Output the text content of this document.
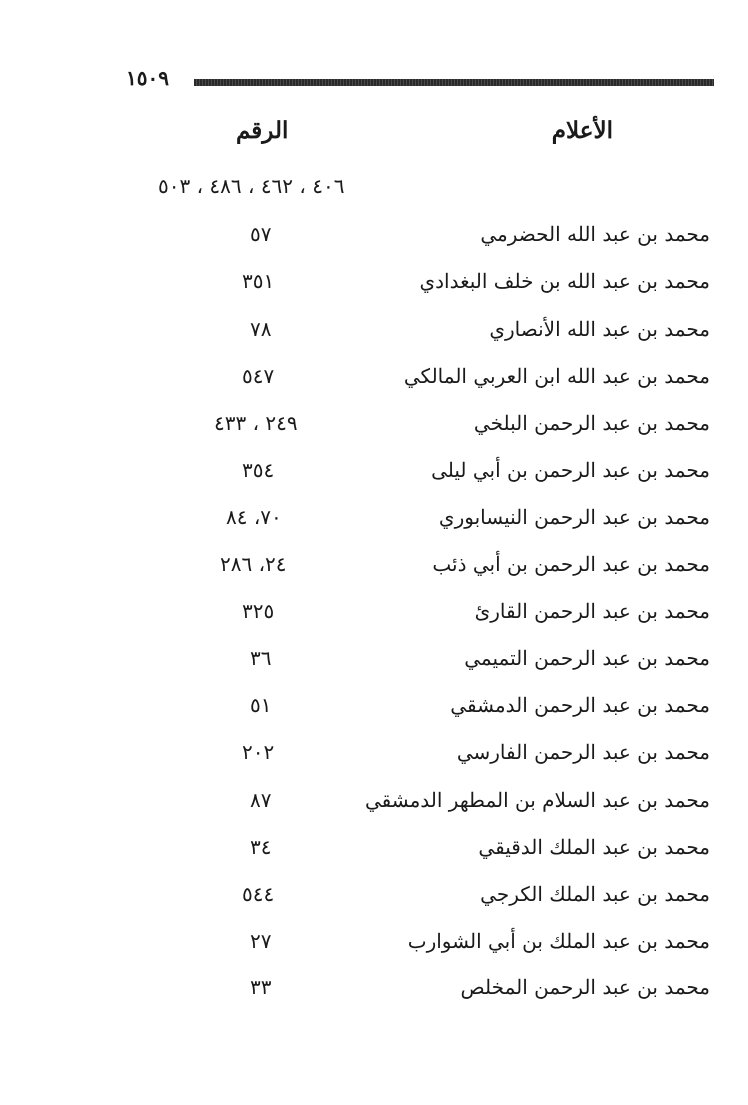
١٥٠٩
الأعلام
الرقم
٤٠٦ ، ٤٦٢ ، ٤٨٦ ، ٥٠٣
محمد بن عبد الله الحضرمي
٥٧
محمد بن عبد الله بن خلف البغدادي
٣٥١
محمد بن عبد الله الأنصاري
٧٨
محمد بن عبد الله ابن العربي المالكي
٥٤٧
محمد بن عبد الرحمن البلخي
٢٤٩ ، ٤٣٣
محمد بن عبد الرحمن بن أبي ليلى
٣٥٤
محمد بن عبد الرحمن النيسابوري
٧٠، ٨٤
محمد بن عبد الرحمن بن أبي ذئب
٢٤، ٢٨٦
محمد بن عبد الرحمن القارئ
٣٢٥
محمد بن عبد الرحمن التميمي
٣٦
محمد بن عبد الرحمن الدمشقي
٥١
محمد بن عبد الرحمن الفارسي
٢٠٢
محمد بن عبد السلام بن المطهر الدمشقي
٨٧
محمد بن عبد الملك الدقيقي
٣٤
محمد بن عبد الملك الكرجي
٥٤٤
محمد بن عبد الملك بن أبي الشوارب
٢٧
محمد بن عبد الرحمن المخلص
٣٣
